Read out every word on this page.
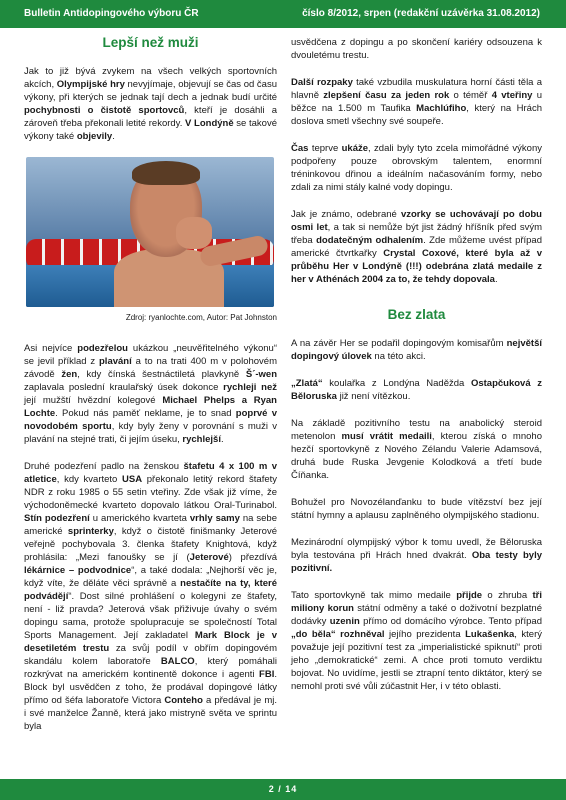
Bulletin Antidopingového výboru ČR	číslo 8/2012, srpen (redakční uzávěrka 31.08.2012)
Lepší než muži

Jak to již bývá zvykem na všech velkých sportovních akcích, Olympijské hry nevyjímaje, objevují se čas od času výkony, při kterých se jednak tají dech a jednak budí určité pochybnosti o čistotě sportovců, kteří je dosáhli a zároveň třeba překonali letité rekordy. V Londýně se takové výkony také objevily.

Zdroj: ryanlochte.com, Autor: Pat Johnston

Asi nejvíce podezřelou ukázkou „neuvěřitelného výkonu“ se jevil příklad z plavání a to na trati 400 m v polohovém závodě žen, kdy čínská šestnáctiletá plavkyně Š´-wen zaplavala poslední kraulařský úsek dokonce rychleji než její mužští hvězdní kolegové Michael Phelps a Ryan Lochte. Pokud nás paměť neklame, je to snad poprvé v novodobém sportu, kdy byly ženy v porovnání s muži v plavání na stejné trati, či jejím úseku, rychlejší.

Druhé podezření padlo na ženskou štafetu 4 x 100 m v atletice, kdy kvarteto USA překonalo letitý rekord štafety NDR z roku 1985 o 55 setin vteřiny. Zde však již víme, že východoněmecké kvarteto dopovalo látkou Oral-Turinabol. Stín podezření u amerického kvarteta vrhly samy na sebe americké sprinterky, když o čistotě finišmanky Jeterové veřejně pochybovala 3. členka štafety Knightová, když prohlásila: „Mezi fanoušky se jí (Jeterové) přezdívá lékárnice – podvodnice“, a také dodala: „Nejhorší věc je, když víte, že děláte věci správně a nestačíte na ty, které podvádějí“. Dost silné prohlášení o kolegyni ze štafety, není - liž pravda? Jeterová však přiživuje úvahy o svém dopingu sama, protože spolupracuje se společností Total Sports Management. Její zakladatel Mark Block je v desetiletém trestu za svůj podíl v obřím dopingovém skandálu kolem laboratoře BALCO, který pomáhali rozkrývat na americkém kontinentě dokonce i agenti FBI. Block byl usvědčen z toho, že prodával dopingové látky přímo od šéfa laboratoře Victora Conteho a předával je mj. i své manželce Žanně, která jako mistryně světa ve sprintu byla

usvědčena z dopingu a po skončení kariéry odsouzena k dvouletému trestu.

Další rozpaky také vzbudila muskulatura horní části těla a hlavně zlepšení času za jeden rok o téměř 4 vteřiny u běžce na 1.500 m Taufika Machlúfiho, který na Hrách doslova smetl všechny své soupeře.

Čas teprve ukáže, zdali byly tyto zcela mimořádné výkony podpořeny pouze obrovským talentem, enormní tréninkovou dřinou a ideálním načasováním formy, nebo zdali za nimi stály kalné vody dopingu.

Jak je známo, odebrané vzorky se uchovávají po dobu osmi let, a tak si nemůže být jist žádný hříšník před svým třeba dodatečným odhalením. Zde můžeme uvést případ americké čtvrtkařky Crystal Coxové, které byla až v průběhu Her v Londýně (!!!) odebrána zlatá medaile z her v Athénách 2004 za to, že tehdy dopovala.

Bez zlata

A na závěr Her se podařil dopingovým komisařům největší dopingový úlovek na této akci.

„Zlatá“ koulařka z Londýna Naděžda Ostapčuková z Běloruska již není vítězkou.

Na základě pozitivního testu na anabolický steroid metenolon musí vrátit medaili, kterou získá o mnoho hezčí sportovkyně z Nového Zélandu Valerie Adamsová, druhá bude Ruska Jevgenie Kolodková a třetí bude Číňanka.

Bohužel pro Novozélanďanku to bude vítězství bez její státní hymny a aplausu zaplněného olympijského stadionu.

Mezinárodní olympijský výbor k tomu uvedl, že Běloruska byla testována při Hrách hned dvakrát. Oba testy byly pozitivní.

Tato sportovkyně tak mimo medaile přijde o zhruba tři miliony korun státní odměny a také o doživotní bezplatné dodávky uzenin přímo od domácího výrobce. Tento případ „do běla“ rozhněval jejího prezidenta Lukašenka, který považuje její pozitivní test za „imperialistické spiknutí“ proti jeho „demokratické“ zemi. A chce proti tomuto verdiktu bojovat. No uvidíme, jestli se ztrapní tento diktátor, který se nemohl proti své vůli zúčastnit Her, i v této oblasti.

2 / 14
